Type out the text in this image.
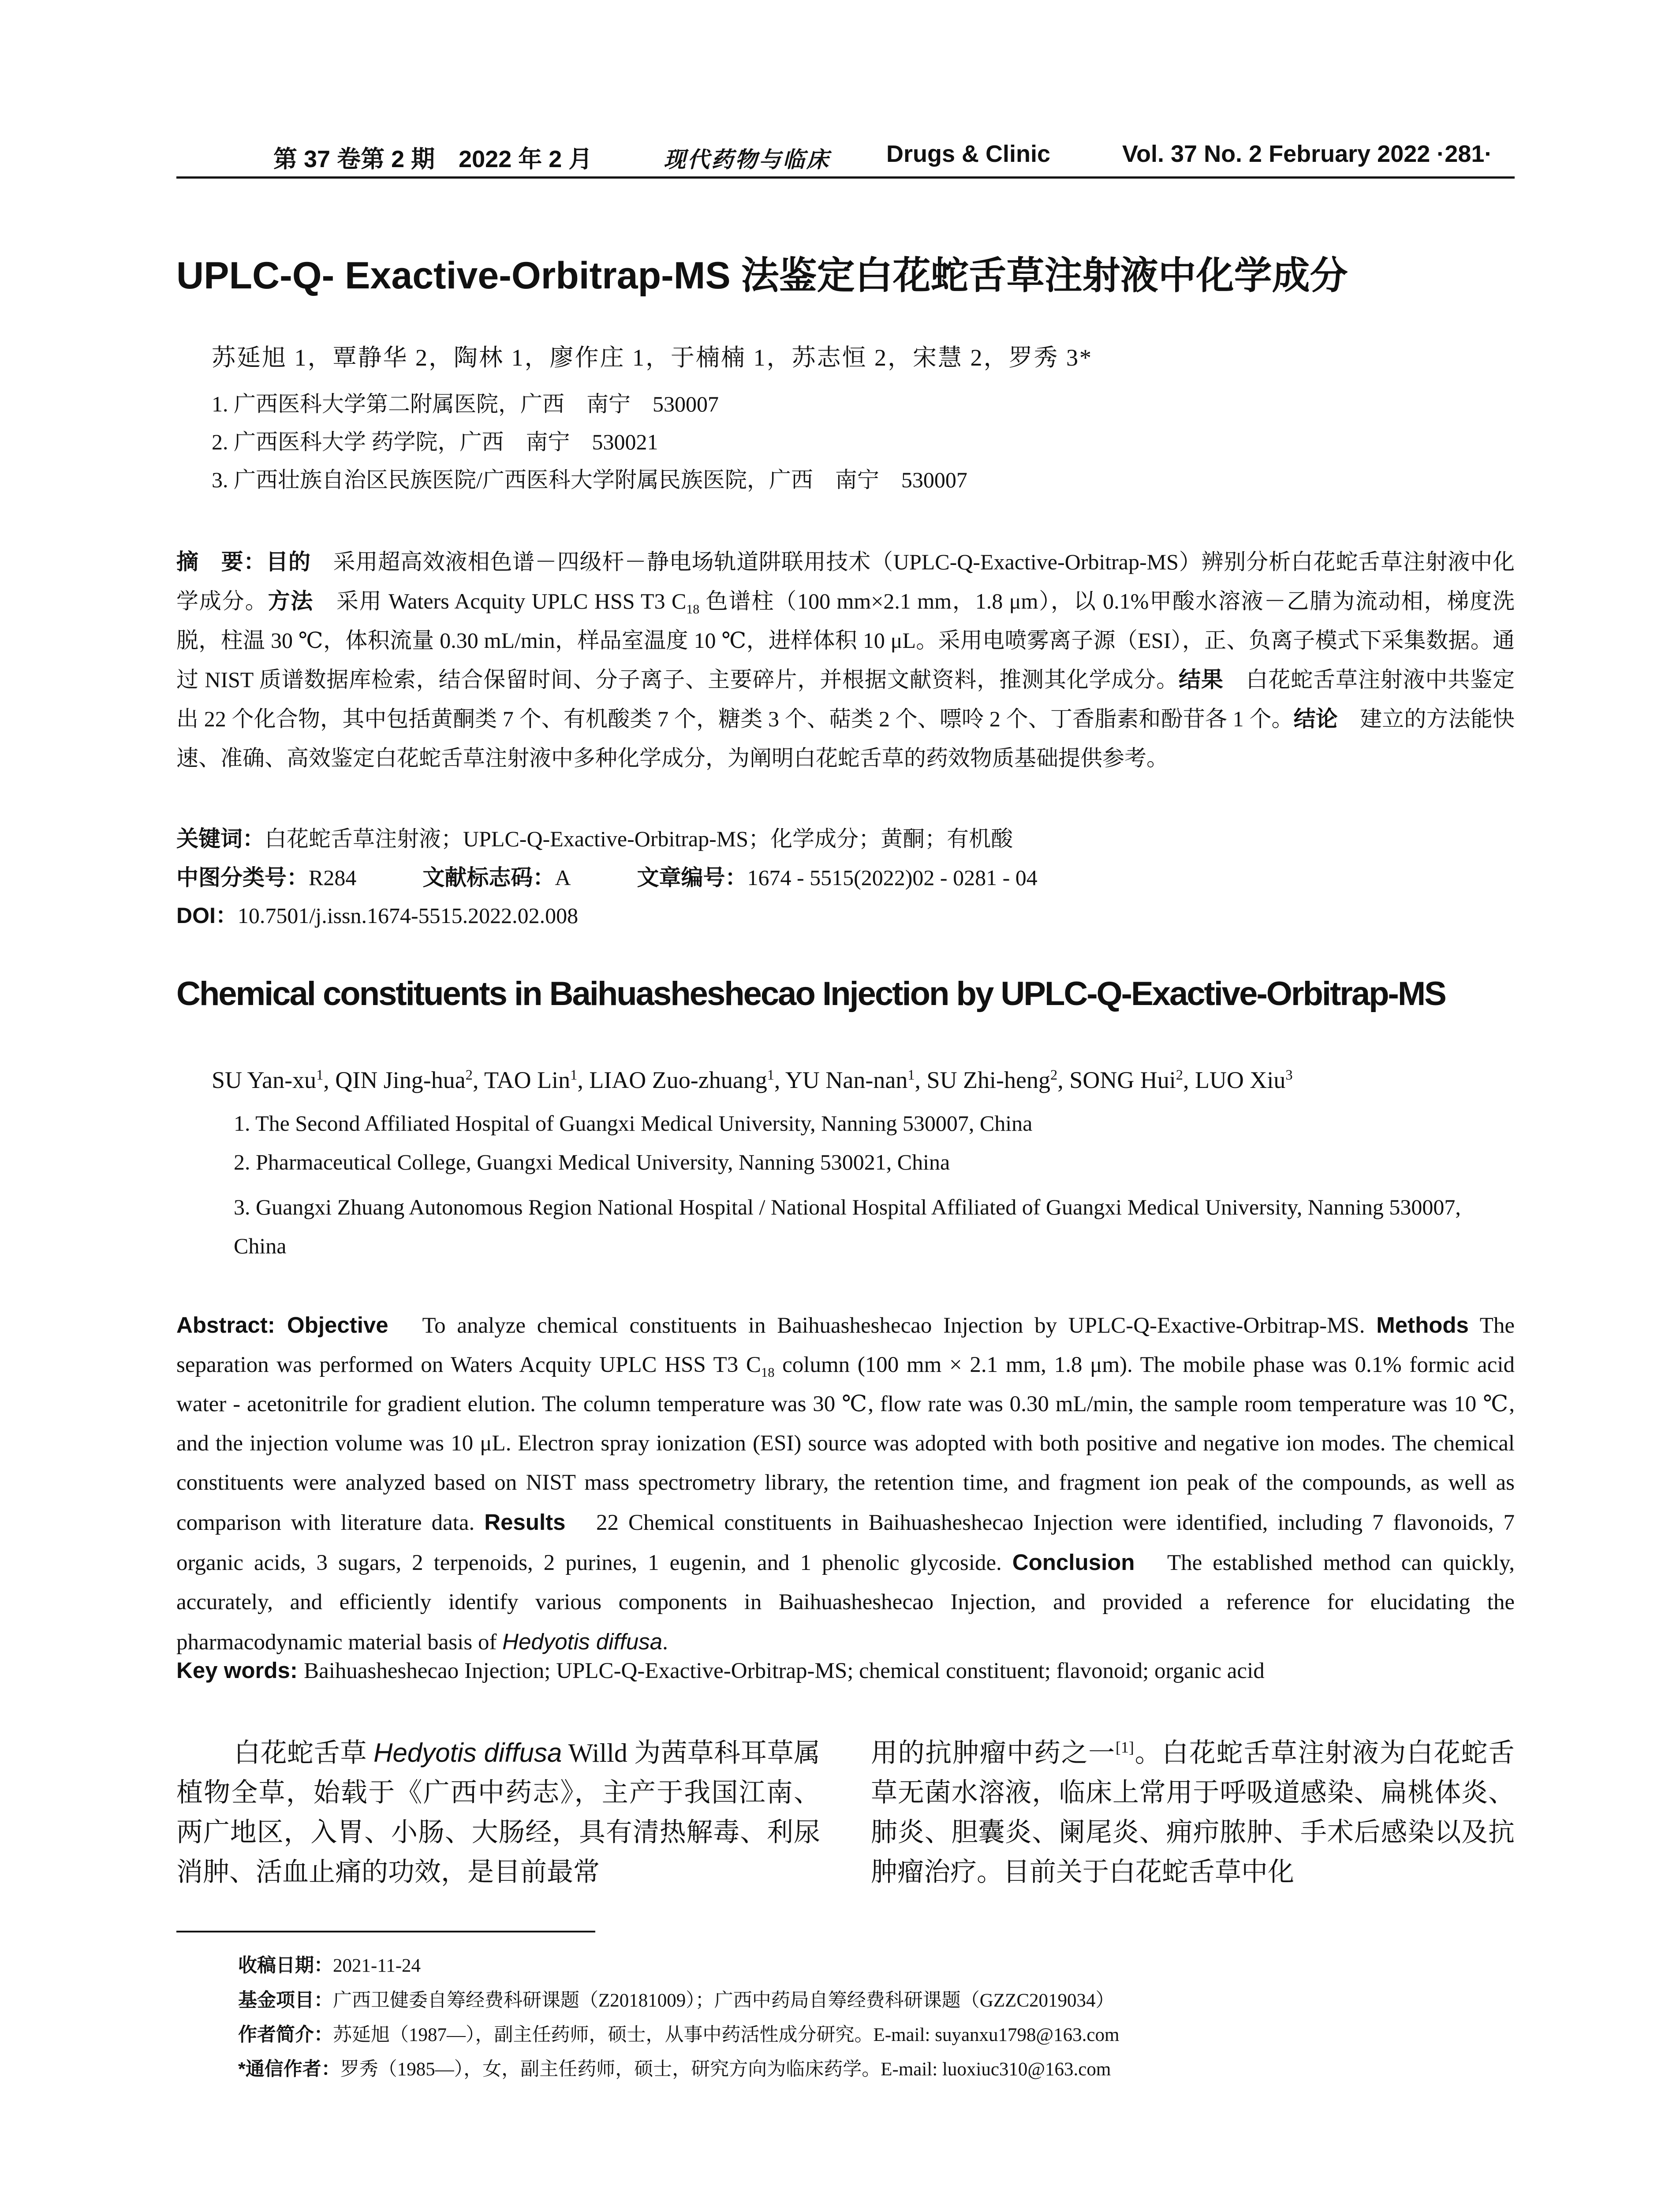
第 37 卷第 2 期　2022 年 2 月	现代药物与临床 Drugs & Clinic	Vol. 37 No. 2 February 2022 ·281·
UPLC-Q- Exactive-Orbitrap-MS 法鉴定白花蛇舌草注射液中化学成分
苏延旭 1，覃静华 2，陶林 1，廖作庄 1，于楠楠 1，苏志恒 2，宋慧 2，罗秀 3*
1. 广西医科大学第二附属医院，广西　南宁　530007
2. 广西医科大学 药学院，广西　南宁　530021
3. 广西壮族自治区民族医院/广西医科大学附属民族医院，广西　南宁　530007
摘　要：目的　采用超高效液相色谱－四级杆－静电场轨道阱联用技术（UPLC-Q-Exactive-Orbitrap-MS）辨别分析白花蛇舌草注射液中化学成分。方法　采用 Waters Acquity UPLC HSS T3 $C_{18}$ 色谱柱（100 mm×2.1 mm，1.8 μm），以 0.1%甲酸水溶液－乙腈为流动相，梯度洗脱，柱温 30 ℃，体积流量 0.30 mL/min，样品室温度 10 ℃，进样体积 10 μL。采用电喷雾离子源（ESI），正、负离子模式下采集数据。通过 NIST 质谱数据库检索，结合保留时间、分子离子、主要碎片，并根据文献资料，推测其化学成分。结果　白花蛇舌草注射液中共鉴定出 22 个化合物，其中包括黄酮类 7 个、有机酸类 7 个，糖类 3 个、萜类 2 个、嘌呤 2 个、丁香脂素和酚苷各 1 个。结论　建立的方法能快速、准确、高效鉴定白花蛇舌草注射液中多种化学成分，为阐明白花蛇舌草的药效物质基础提供参考。
关键词：白花蛇舌草注射液；UPLC-Q-Exactive-Orbitrap-MS；化学成分；黄酮；有机酸
中图分类号：R284	文献标志码：A	文章编号：1674 - 5515(2022)02 - 0281 - 04
DOI：10.7501/j.issn.1674-5515.2022.02.008
Chemical constituents in Baihuasheshecao Injection by UPLC-Q-Exactive-Orbitrap-MS
SU Yan-$xu^1$, QIN Jing-hua$^2$, TAO Lin$^1$, LIAO Zuo-zhuang$^1$, YU Nan-nan$^1$, SU Zhi-heng$^2$, SONG Hui$^2$, LUO Xiu$^3$
1. The Second Affiliated Hospital of Guangxi Medical University, Nanning 530007, China
2. Pharmaceutical College, Guangxi Medical University, Nanning 530021, China
3. Guangxi Zhuang Autonomous Region National Hospital / National Hospital Affiliated of Guangxi Medical University, Nanning 530007, China
Abstract: Objective　To analyze chemical constituents in Baihuasheshecao Injection by UPLC-Q-Exactive-Orbitrap-MS. Methods The separation was performed on Waters Acquity UPLC HSS T3 $C_{18}$ column (100 mm × 2.1 mm, 1.8 μm). The mobile phase was 0.1% formic acid water - acetonitrile for gradient elution. The column temperature was 30 ℃, flow rate was 0.30 mL/min, the sample room temperature was 10 ℃, and the injection volume was 10 μL. Electron spray ionization (ESI) source was adopted with both positive and negative ion modes. The chemical constituents were analyzed based on NIST mass spectrometry library, the retention time, and fragment ion peak of the compounds, as well as comparison with literature data. Results　22 Chemical constituents in Baihuasheshecao Injection were identified, including 7 flavonoids, 7 organic acids, 3 sugars, 2 terpenoids, 2 purines, 1 eugenin, and 1 phenolic glycoside. Conclusion　The established method can quickly, accurately, and efficiently identify various components in Baihuasheshecao Injection, and provided a reference for elucidating the pharmacodynamic material basis of Hedyotis diffusa.
Key words: Baihuasheshecao Injection; UPLC-Q-Exactive-Orbitrap-MS; chemical constituent; flavonoid; organic acid
白花蛇舌草 Hedyotis diffusa Willd 为茜草科耳草属植物全草，始载于《广西中药志》，主产于我国江南、两广地区，入胃、小肠、大肠经，具有清热解毒、利尿消肿、活血止痛的功效，是目前最常
用的抗肿瘤中药之一[1]。白花蛇舌草注射液为白花蛇舌草无菌水溶液，临床上常用于呼吸道感染、扁桃体炎、肺炎、胆囊炎、阑尾炎、痈疖脓肿、手术后感染以及抗肿瘤治疗。目前关于白花蛇舌草中化
收稿日期：2021-11-24
基金项目：广西卫健委自筹经费科研课题（Z20181009）；广西中药局自筹经费科研课题（GZZC2019034）
作者简介：苏延旭（1987—），副主任药师，硕士，从事中药活性成分研究。E-mail: suyanxu1798@163.com
*通信作者：罗秀（1985—），女，副主任药师，硕士，研究方向为临床药学。E-mail: luoxiuc310@163.com
